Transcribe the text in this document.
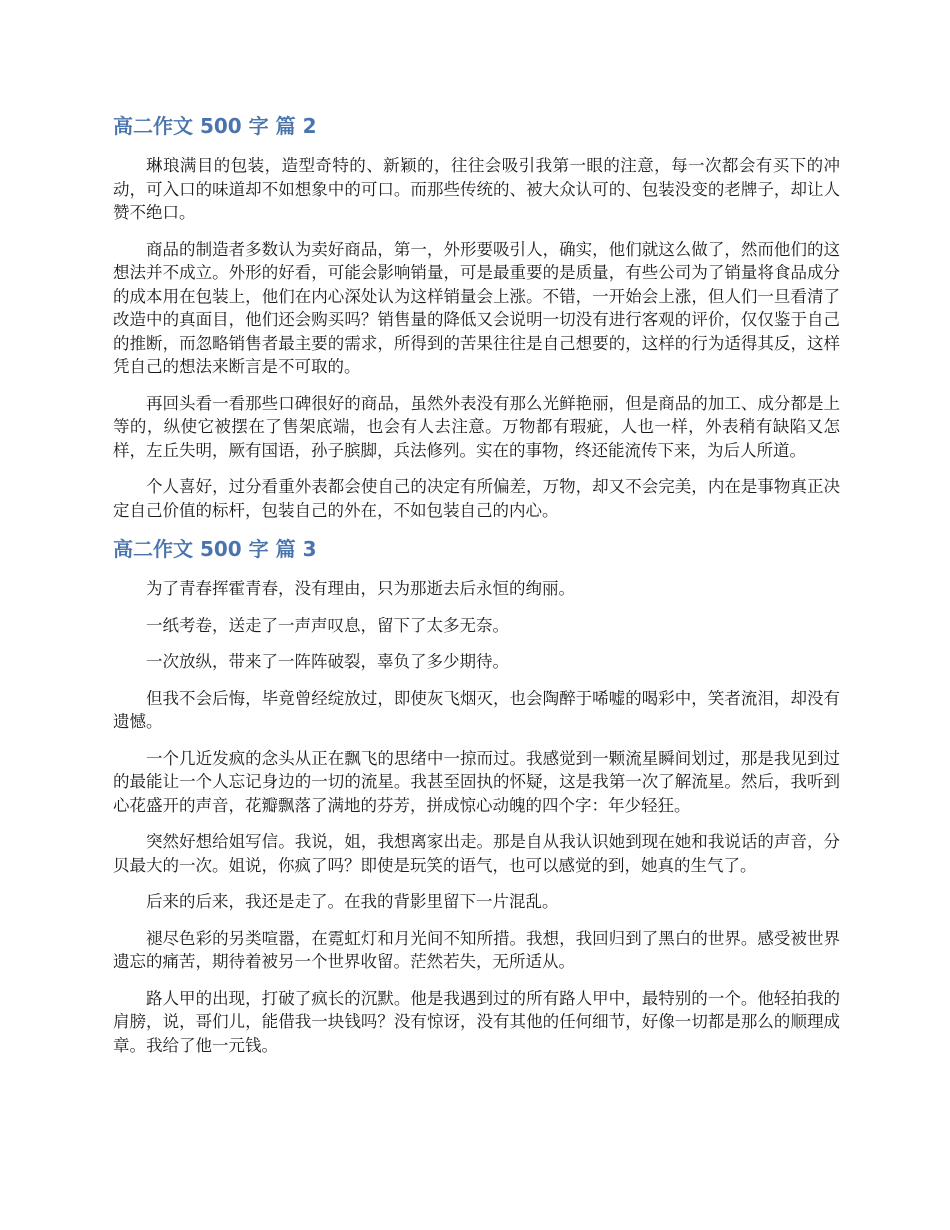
高二作文 500 字 篇 2

琳琅满目的包装，造型奇特的、新颖的，往往会吸引我第一眼的注意，每一次都会有买下的冲动，可入口的味道却不如想象中的可口。而那些传统的、被大众认可的、包装没变的老牌子，却让人赞不绝口。

商品的制造者多数认为卖好商品，第一，外形要吸引人，确实，他们就这么做了，然而他们的这想法并不成立。外形的好看，可能会影响销量，可是最重要的是质量，有些公司为了销量将食品成分的成本用在包装上，他们在内心深处认为这样销量会上涨。不错，一开始会上涨，但人们一旦看清了改造中的真面目，他们还会购买吗？销售量的降低又会说明一切没有进行客观的评价，仅仅鉴于自己的推断，而忽略销售者最主要的需求，所得到的苦果往往是自己想要的，这样的行为适得其反，这样凭自己的想法来断言是不可取的。

再回头看一看那些口碑很好的商品，虽然外表没有那么光鲜艳丽，但是商品的加工、成分都是上等的，纵使它被摆在了售架底端，也会有人去注意。万物都有瑕疵，人也一样，外表稍有缺陷又怎样，左丘失明，厥有国语，孙子膑脚，兵法修列。实在的事物，终还能流传下来，为后人所道。

个人喜好，过分看重外表都会使自己的决定有所偏差，万物，却又不会完美，内在是事物真正决定自己价值的标杆，包装自己的外在，不如包装自己的内心。

高二作文 500 字 篇 3

为了青春挥霍青春，没有理由，只为那逝去后永恒的绚丽。

一纸考卷，送走了一声声叹息，留下了太多无奈。

一次放纵，带来了一阵阵破裂，辜负了多少期待。

但我不会后悔，毕竟曾经绽放过，即使灰飞烟灭，也会陶醉于唏嘘的喝彩中，笑者流泪，却没有遗憾。

一个几近发疯的念头从正在飘飞的思绪中一掠而过。我感觉到一颗流星瞬间划过，那是我见到过的最能让一个人忘记身边的一切的流星。我甚至固执的怀疑，这是我第一次了解流星。然后，我听到心花盛开的声音，花瓣飘落了满地的芬芳，拼成惊心动魄的四个字：年少轻狂。

突然好想给姐写信。我说，姐，我想离家出走。那是自从我认识她到现在她和我说话的声音，分贝最大的一次。姐说，你疯了吗？即使是玩笑的语气，也可以感觉的到，她真的生气了。

后来的后来，我还是走了。在我的背影里留下一片混乱。

褪尽色彩的另类喧嚣，在霓虹灯和月光间不知所措。我想，我回归到了黑白的世界。感受被世界遗忘的痛苦，期待着被另一个世界收留。茫然若失，无所适从。

路人甲的出现，打破了疯长的沉默。他是我遇到过的所有路人甲中，最特别的一个。他轻拍我的肩膀，说，哥们儿，能借我一块钱吗？没有惊讶，没有其他的任何细节，好像一切都是那么的顺理成章。我给了他一元钱。
